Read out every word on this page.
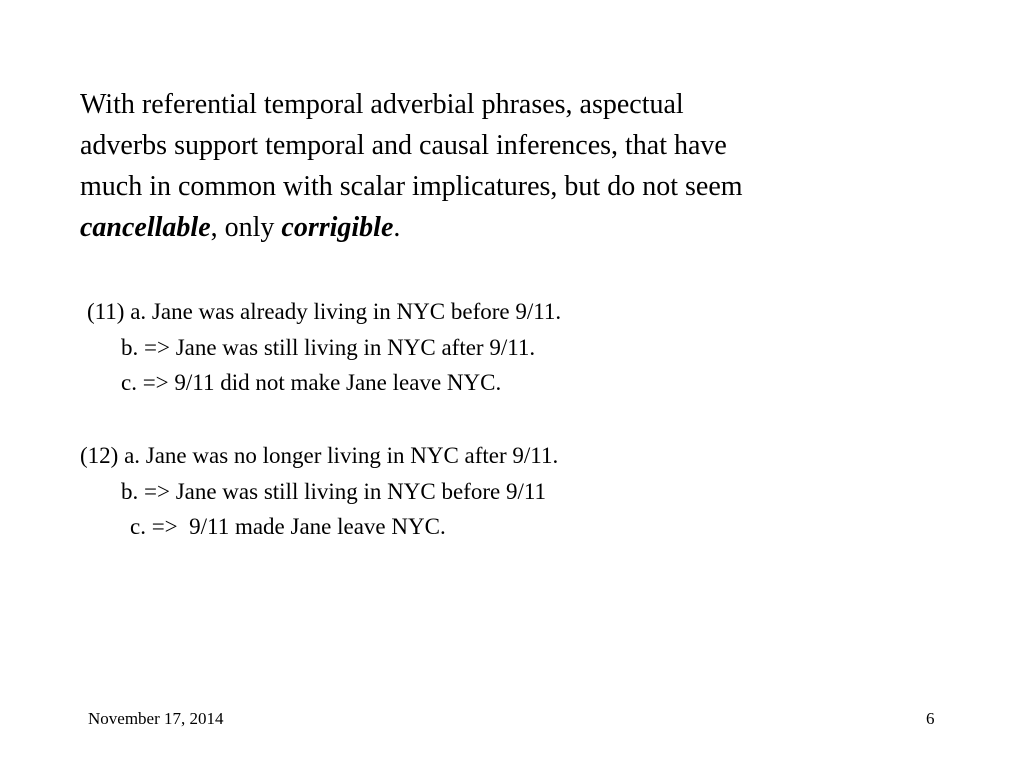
With referential temporal adverbial phrases, aspectual
adverbs support temporal and causal inferences, that have
much in common with scalar implicatures, but do not seem
cancellable, only corrigible.
(11) a. Jane was already living in NYC before 9/11.
b. => Jane was still living in NYC after 9/11.
c. => 9/11 did not make Jane leave NYC.
(12) a. Jane was no longer living in NYC after 9/11.
b. => Jane was still living in NYC before 9/11
c. =>  9/11 made Jane leave NYC.
November 17, 2014	6
